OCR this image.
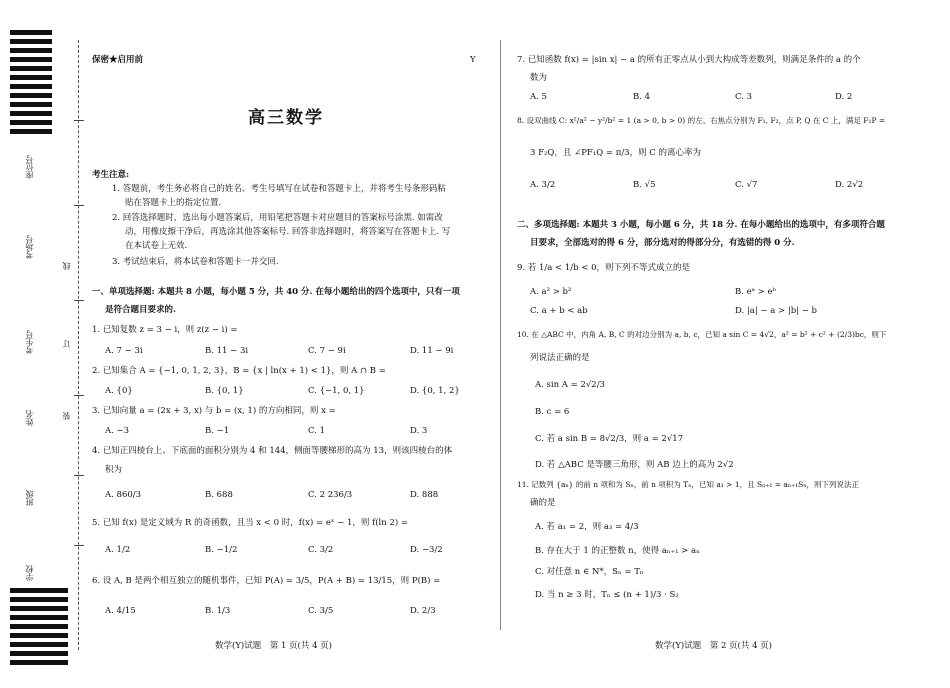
座位号
考场号
考生号
姓名
班级
学校
线
订
装
保密★启用前	Y
高三数学
考生注意:
1. 答题前，考生务必将自己的姓名、考生号填写在试卷和答题卡上，并将考生号条形码粘
贴在答题卡上的指定位置.
2. 回答选择题时，选出每小题答案后，用铅笔把答题卡对应题目的答案标号涂黑. 如需改
动，用橡皮擦干净后，再选涂其他答案标号. 回答非选择题时，将答案写在答题卡上. 写
在本试卷上无效.
3. 考试结束后，将本试卷和答题卡一并交回.
一、单项选择题: 本题共 8 小题，每小题 5 分，共 40 分. 在每小题给出的四个选项中，只有一项
是符合题目要求的.
1. 已知复数 z = 3 − i，则 z(z − i) =
A. 7 − 3i	B. 11 − 3i	C. 7 − 9i	D. 11 − 9i
2. 已知集合 A = {−1, 0, 1, 2, 3}，B = {x | ln(x + 1) < 1}，则 A ∩ B =
A. {0}	B. {0, 1}	C. {−1, 0, 1}	D. {0, 1, 2}
3. 已知向量 a = (2x + 3, x) 与 b = (x, 1) 的方向相同，则 x =
A. −3	B. −1	C. 1	D. 3
4. 已知正四棱台上、下底面的面积分别为 4 和 144，侧面等腰梯形的高为 13，则该四棱台的体
积为
A. 860/3	B. 688	C. 2 236/3	D. 888
5. 已知 f(x) 是定义域为 R 的奇函数，且当 x < 0 时，f(x) = eˣ − 1，则 f(ln 2) =
A. 1/2	B. −1/2	C. 3/2	D. −3/2
6. 设 A, B 是两个相互独立的随机事件，已知 P(A) = 3/5，P(A + B) = 13/15，则 P(B) =
A. 4/15	B. 1/3	C. 3/5	D. 2/3
数学(Y)试题　第 1 页(共 4 页)
7. 已知函数 f(x) = |sin x| − a 的所有正零点从小到大构成等差数列，则满足条件的 a 的个
数为
A. 5	B. 4	C. 3	D. 2
8. 设双曲线 C: x²/a² − y²/b² = 1 (a > 0, b > 0) 的左、右焦点分别为 F₁, F₂，点 P, Q 在 C 上，满足 F₁P =
3 F₂Q，且 ∠PF₁Q = π/3，则 C 的离心率为
A. 3/2	B. √5	C. √7	D. 2√2
二、多项选择题: 本题共 3 小题，每小题 6 分，共 18 分. 在每小题给出的选项中，有多项符合题
目要求，全部选对的得 6 分，部分选对的得部分分，有选错的得 0 分.
9. 若 1/a < 1/b < 0，则下列不等式成立的是
A. a² > b²	B. eᵃ > eᵇ
C. a + b < ab	D. |a| − a > |b| − b
10. 在 △ABC 中，内角 A, B, C 的对边分别为 a, b, c，已知 a sin C = 4√2，a² = b² + c² + (2/3)bc，则下
列说法正确的是
A. sin A = 2√2/3
B. c = 6
C. 若 a sin B = 8√2/3，则 a = 2√17
D. 若 △ABC 是等腰三角形，则 AB 边上的高为 2√2
11. 记数列 {aₙ} 的前 n 项和为 Sₙ，前 n 项积为 Tₙ，已知 a₁ > 1，且 Sₙ₊₁ = aₙ₊₁Sₙ，则下列说法正
确的是
A. 若 a₁ = 2，则 a₃ = 4/3
B. 存在大于 1 的正整数 n，使得 aₙ₊₁ > aₙ
C. 对任意 n ∈ N*，Sₙ = Tₙ
D. 当 n ≥ 3 时，Tₙ ≤ (n + 1)/3 · S₂
数学(Y)试题　第 2 页(共 4 页)
